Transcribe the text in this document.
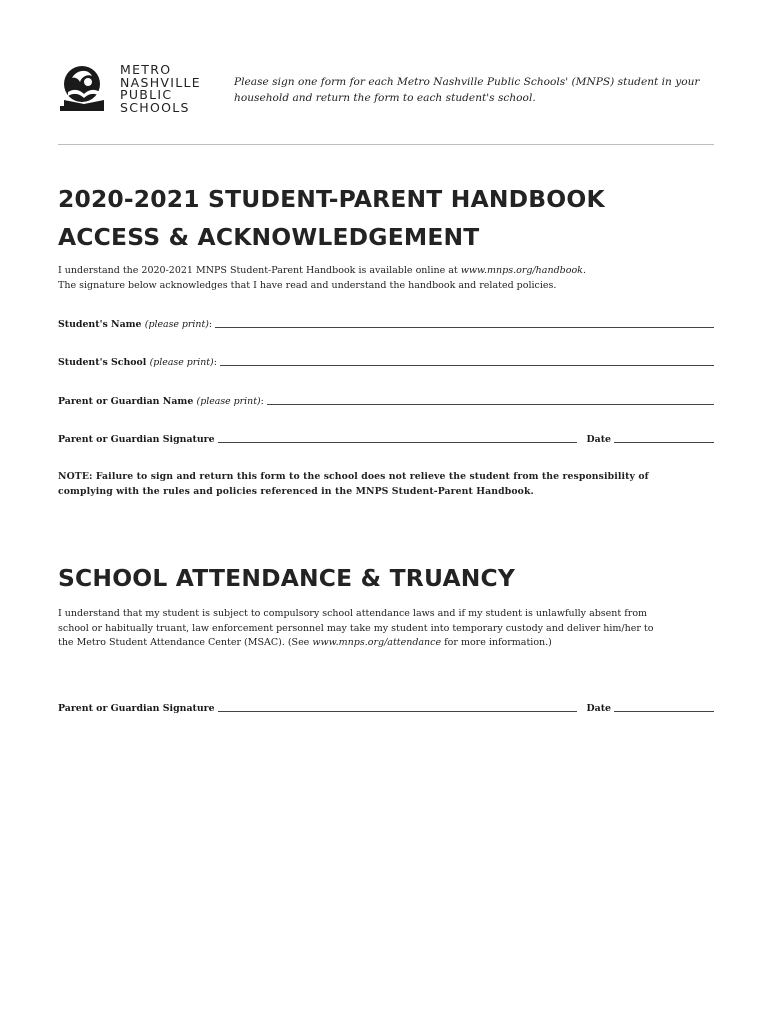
METRO
NASHVILLE
PUBLIC
SCHOOLS
Please sign one form for each Metro Nashville Public Schools' (MNPS) student in your
household and return the form to each student's school.
2020-2021 STUDENT-PARENT HANDBOOK
ACCESS & ACKNOWLEDGEMENT
I understand the 2020-2021 MNPS Student-Parent Handbook is available online at www.mnps.org/handbook.
The signature below acknowledges that I have read and understand the handbook and related policies.
Student's Name (please print):
Student's School (please print):
Parent or Guardian Name (please print):
Parent or Guardian Signature	Date
NOTE: Failure to sign and return this form to the school does not relieve the student from the responsibility of
complying with the rules and policies referenced in the MNPS Student-Parent Handbook.
SCHOOL ATTENDANCE & TRUANCY
I understand that my student is subject to compulsory school attendance laws and if my student is unlawfully absent from
school or habitually truant, law enforcement personnel may take my student into temporary custody and deliver him/her to
the Metro Student Attendance Center (MSAC). (See www.mnps.org/attendance for more information.)
Parent or Guardian Signature	Date
